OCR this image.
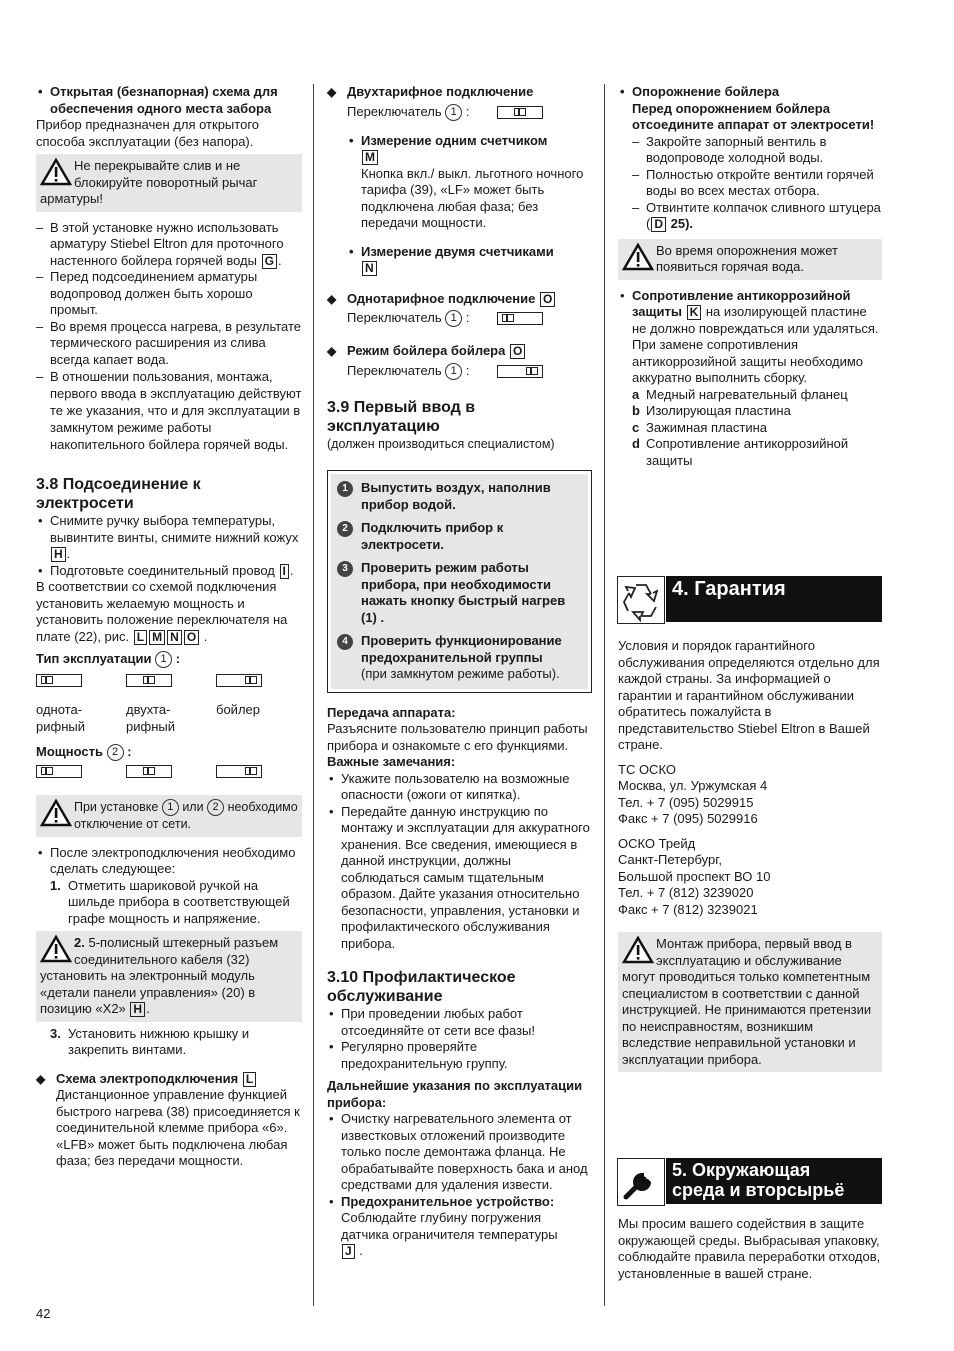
• Открытая (безнапорная) схема для обеспечения одного места забора

Прибор предназначен для открытого способа эксплуатации (без напора).

Не перекрывайте слив и не блокируйте поворотный рычаг арматуры!
– В этой установке нужно использовать арматуру Stiebel Eltron для проточного настенного бойлера горячей воды G .
– Перед подсоединением арматуры водопровод должен быть хорошо промыт.
– Во время процесса нагрева, в результате термического расширения из слива всегда капает вода.
– В отношении пользования, монтажа, первого ввода в эксплуатацию действуют те же указания, что и для эксплуатации в замкнутом режиме работы накопительного бойлера горячей воды.
3.8 Подсоединение к электросети
• Снимите ручку выбора температуры, вывинтите винты, снимите нижний кожух H .
• Подготовьте соединительный провод I .

В соответствии со схемой подключения установить желаемую мощность и установить положение переключателя на плате (22), рис. L M N O .

Тип эксплуатации 1 :

однота- рифный
двухта- рифный
бойлер

Мощность 2 :

При установке 1 или 2 необходимо отключение от сети.
• После электроподключения необходимо сделать следующее:
1. Отметить шариковой ручкой на шильде прибора в соответствующей графе мощность и напряжение.

2. 5-полисный штекерный разъем соединительного кабеля (32) установить на электронный модуль «детали панели управления» (20) в позицию «X2» H .
3. Установить нижнюю крышку и закрепить винтами.

◆ Схема электроподключения L

Дистанционное управление функцией быстрого нагрева (38) присоединяется к соединительной клемме прибора «6». «LFB» может быть подключена любая фаза; без передачи мощности.

◆ Двухтарифное подключение

Переключатель 1 :

• Измерение одним счетчиком

M

Кнопка вкл./ выкл. льготного ночного тарифа (39), «LF» может быть подключена любая фаза; без передачи мощности.

• Измерение двумя счетчиками

N

◆ Однотарифное подключение O

Переключатель 1 :

◆ Режим бойлера бойлера O

Переключатель 1 :

3.9 Первый ввод в эксплуатацию

(должен производиться специалистом)

1	Выпустить воздух, наполнив прибор водой.
2	Подключить прибор к электросети.
3	Проверить режим работы прибора, при необходимости нажать кнопку быстрый нагрев (1) .
4	Проверить функционирование предохранительной группы
(при замкнутом режиме работы).

Передача аппарата:

Разъясните пользователю принцип работы прибора и ознакомьте с его функциями.

Важные замечания:

• Укажите пользователю на возможные опасности (ожоги от кипятка).
• Передайте данную инструкцию по монтажу и эксплуатации для аккуратного хранения. Все сведения, имеющиеся в данной инструкции, должны соблюдаться самым тщательным образом. Дайте указания относительно безопасности, управления, установки и профилактического обслуживания прибора.
3.10 Профилактическое обслуживание
• При проведении любых работ отсоединяйте от сети все фазы!
• Регулярно проверяйте предохранительную группу.

Дальнейшие указания по эксплуатации прибора:

• Очистку нагревательного элемента от известковых отложений производите только после демонтажа фланца. Не обрабатывайте поверхность бака и анод средствами для удаления извести.
• Предохранительное устройство:
Соблюдайте глубину погружения датчика ограничителя температуры
J .
• Опорожнение бойлера
Перед опорожнением бойлера отсоедините аппарат от электросети!
– Закройте запорный вентиль в водопроводе холодной воды.
– Полностью откройте вентили горячей воды во всех местах отбора.
– Отвинтите колпачок сливного штуцера ( D 25).
Во время опорожнения может появиться горячая вода.
• Сопротивление антикоррозийной защиты K на изолирующей пластине не должно повреждаться или удаляться. При замене сопротивления антикоррозийной защиты необходимо аккуратно выполнить сборку.

a Медный нагревательный фланец

b Изолирующая пластина

c Зажимная пластина

d Сопротивление антикоррозийной защиты

4. Гарантия

Условия и порядок гарантийного обслуживания определяются отдельно для каждой страны. За информацией о гарантии и гарантийном обслуживании обратитесь пожалуйста в представительство Stiebel Eltron в Вашей стране.

ТС ОСКО

Москва, ул. Уржумская 4

Тел. + 7 (095) 5029915

Факс + 7 (095) 5029916

ОСКО Трейд

Санкт-Петербург,

Большой проспект ВО 10

Тел. + 7 (812) 3239020

Факс + 7 (812) 3239021

Монтаж прибора, первый ввод в эксплуатацию и обслуживание могут проводиться только компетентным специалистом в соответствии с данной инструкцией. Не принимаются претензии по неисправностям, возникшим вследствие неправильной установки и эксплуатации прибора.
5. Окружающая
среда и вторсырьё

Мы просим вашего содействия в защите окружающей среды. Выбрасывая упаковку, соблюдайте правила переработки отходов, установленные в вашей стране.

42
